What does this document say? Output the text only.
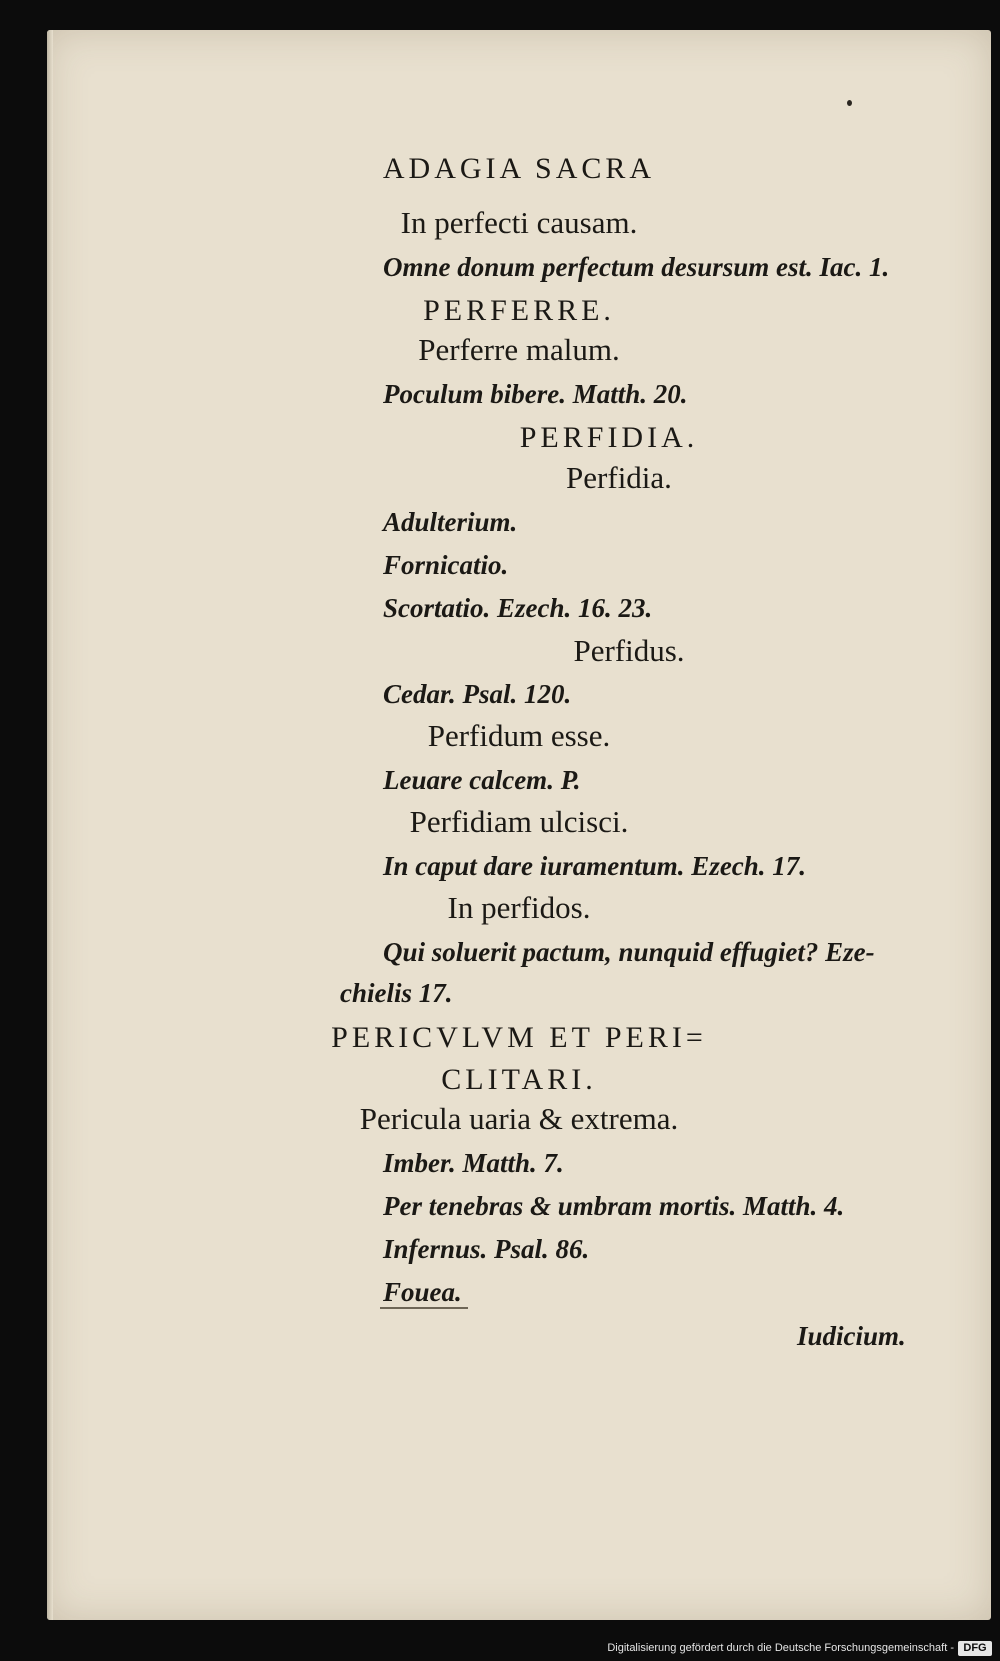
ADAGIA SACRA
In perfecti causam.
Omne donum perfectum desursum est. Iac. 1.
PERFERRE.
Perferre malum.
Poculum bibere. Matth. 20.
PERFIDIA.
Perfidia.
Adulterium.
Fornicatio.
Scortatio. Ezech. 16. 23.
Perfidus.
Cedar. Psal. 120.
Perfidum esse.
Leuare calcem. P.
Perfidiam ulcisci.
In caput dare iuramentum. Ezech. 17.
In perfidos.
Qui soluerit pactum, nunquid effugiet? Eze-
chielis 17.
PERICVLVM ET PERI=
CLITARI.
Pericula uaria & extrema.
Imber. Matth. 7.
Per tenebras & umbram mortis. Matth. 4.
Infernus. Psal. 86.
Fouea.
Iudicium.
Digitalisierung gefördert durch die Deutsche Forschungsgemeinschaft - DFG
